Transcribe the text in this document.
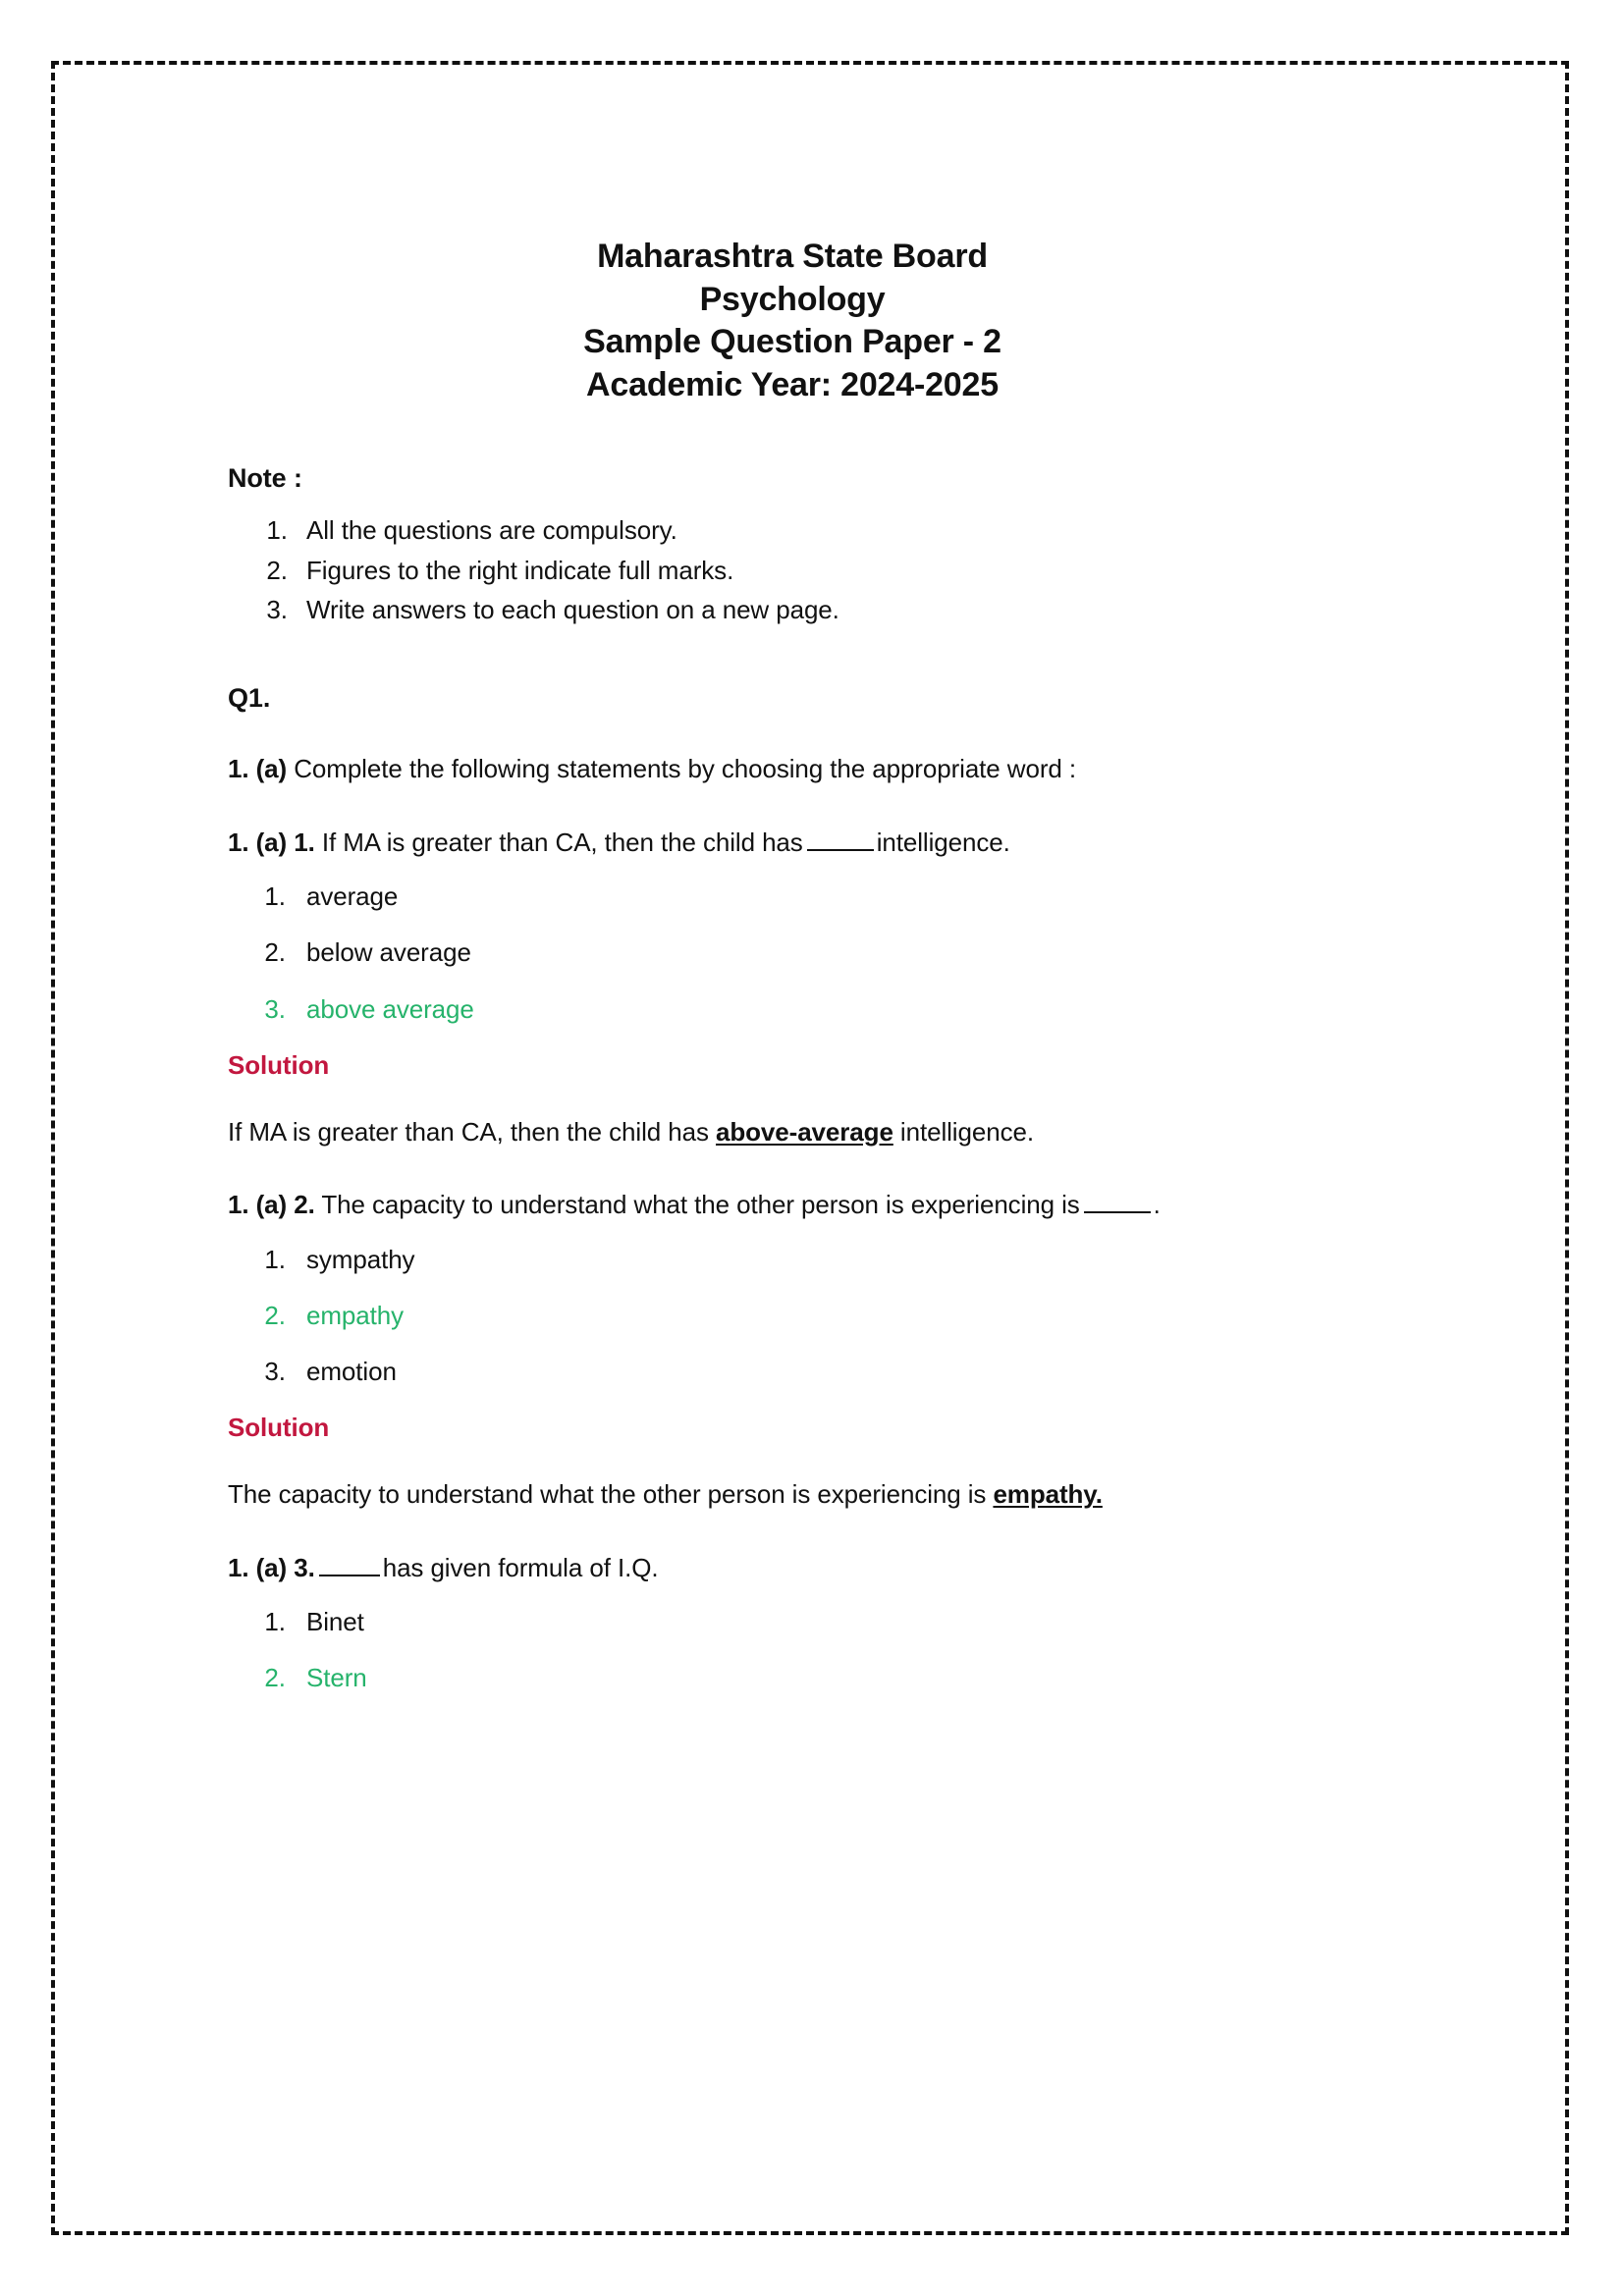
Maharashtra State Board
Psychology
Sample Question Paper - 2
Academic Year: 2024-2025
Note :
1. All the questions are compulsory.
2. Figures to the right indicate full marks.
3. Write answers to each question on a new page.
Q1.
1. (a) Complete the following statements by choosing the appropriate word :
1. (a) 1. If MA is greater than CA, then the child has	intelligence.
1. average
2. below average
3. above average
Solution
If MA is greater than CA, then the child has above-average intelligence.
1. (a) 2. The capacity to understand what the other person is experiencing is	.
1. sympathy
2. empathy
3. emotion
Solution
The capacity to understand what the other person is experiencing is empathy.
1. (a) 3.	has given formula of I.Q.
1. Binet
2. Stern
